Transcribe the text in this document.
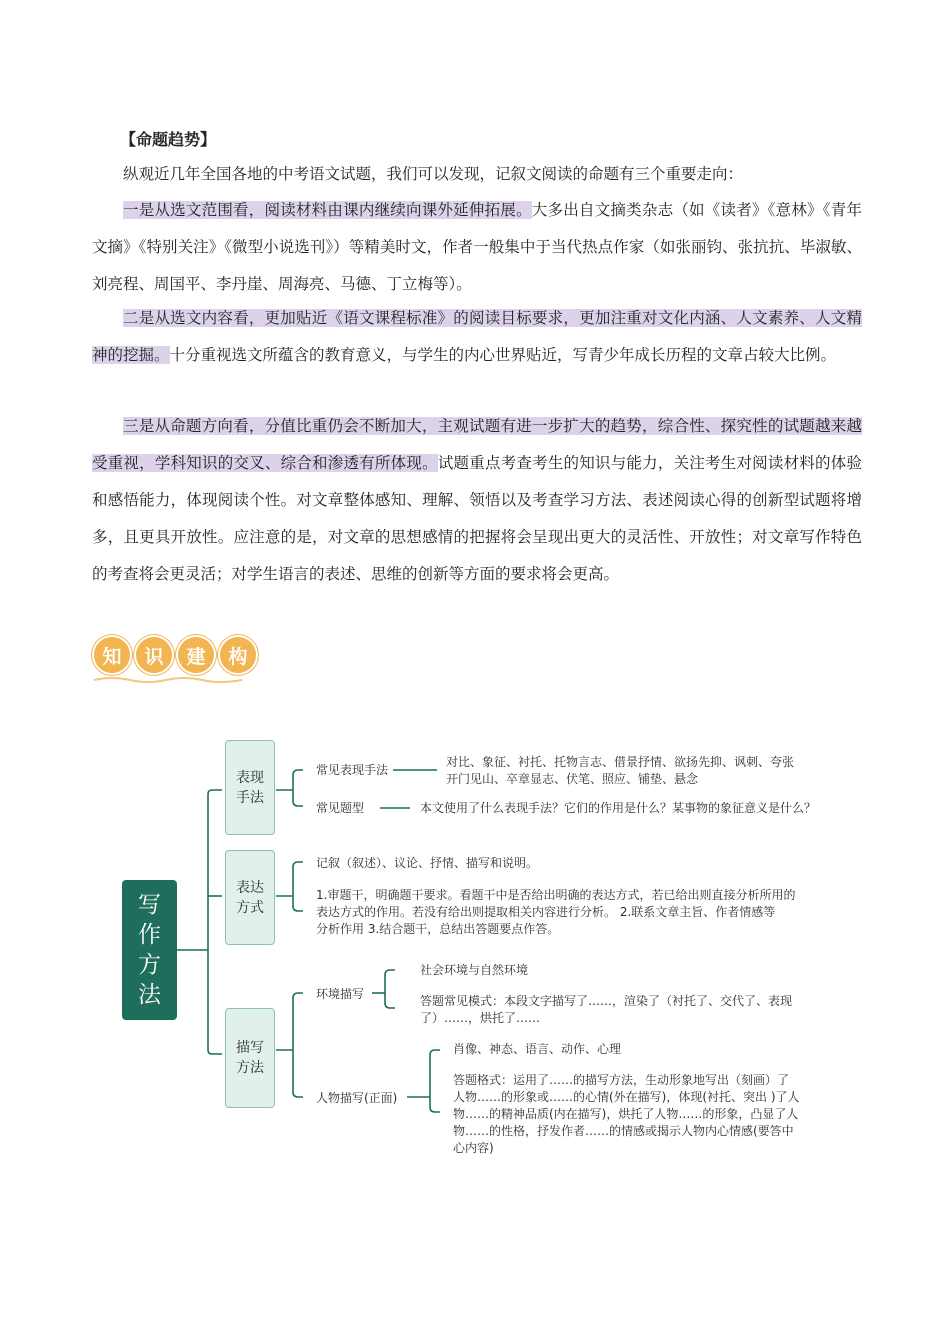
【命题趋势】

纵观近几年全国各地的中考语文试题，我们可以发现，记叙文阅读的命题有三个重要走向：

一是从选文范围看，阅读材料由课内继续向课外延伸拓展。大多出自文摘类杂志（如《读者》《意林》《青年文摘》《特别关注》《微型小说选刊》）等精美时文，作者一般集中于当代热点作家（如张丽钧、张抗抗、毕淑敏、刘亮程、周国平、李丹崖、周海亮、马德、丁立梅等）。

二是从选文内容看，更加贴近《语文课程标准》的阅读目标要求，更加注重对文化内涵、人文素养、人文精神的挖掘。十分重视选文所蕴含的教育意义，与学生的内心世界贴近，写青少年成长历程的文章占较大比例。

三是从命题方向看，分值比重仍会不断加大，主观试题有进一步扩大的趋势，综合性、探究性的试题越来越受重视，学科知识的交叉、综合和渗透有所体现。试题重点考查考生的知识与能力，关注考生对阅读材料的体验和感悟能力，体现阅读个性。对文章整体感知、理解、领悟以及考查学习方法、表述阅读心得的创新型试题将增多，且更具开放性。应注意的是，对文章的思想感情的把握将会呈现出更大的灵活性、开放性；对文章写作特色的考查将会更灵活；对学生语言的表述、思维的创新等方面的要求将会更高。

知	识	建	构
写
作
方
法
表现
手法
表达
方式
描写
方法
常见表现手法
对比、象征、衬托、托物言志、借景抒情、欲扬先抑、讽刺、夸张
开门见山、卒章显志、伏笔、照应、铺垫、悬念
常见题型	本文使用了什么表现手法？它们的作用是什么？某事物的象征意义是什么？
记叙（叙述）、议论、抒情、描写和说明。
1.审题干，明确题干要求。看题干中是否给出明确的表达方式，若已给出则直接分析所用的
表达方式的作用。若没有给出则提取相关内容进行分析。 2.联系文章主旨、作者情感等
分析作用 3.结合题干，总结出答题要点作答。
环境描写
社会环境与自然环境
答题常见模式：本段文字描写了……，渲染了（衬托了、交代了、表现
了）……，烘托了……
人物描写(正面)
肖像、神态、语言、动作、心理
答题格式：运用了……的描写方法，生动形象地写出（刻画）了
人物……的形象或……的心情(外在描写)，体现(衬托、突出 )了人
物……的精神品质(内在描写)，烘托了人物……的形象，凸显了人
物……的性格，抒发作者……的情感或揭示人物内心情感(要答中
心内容)
